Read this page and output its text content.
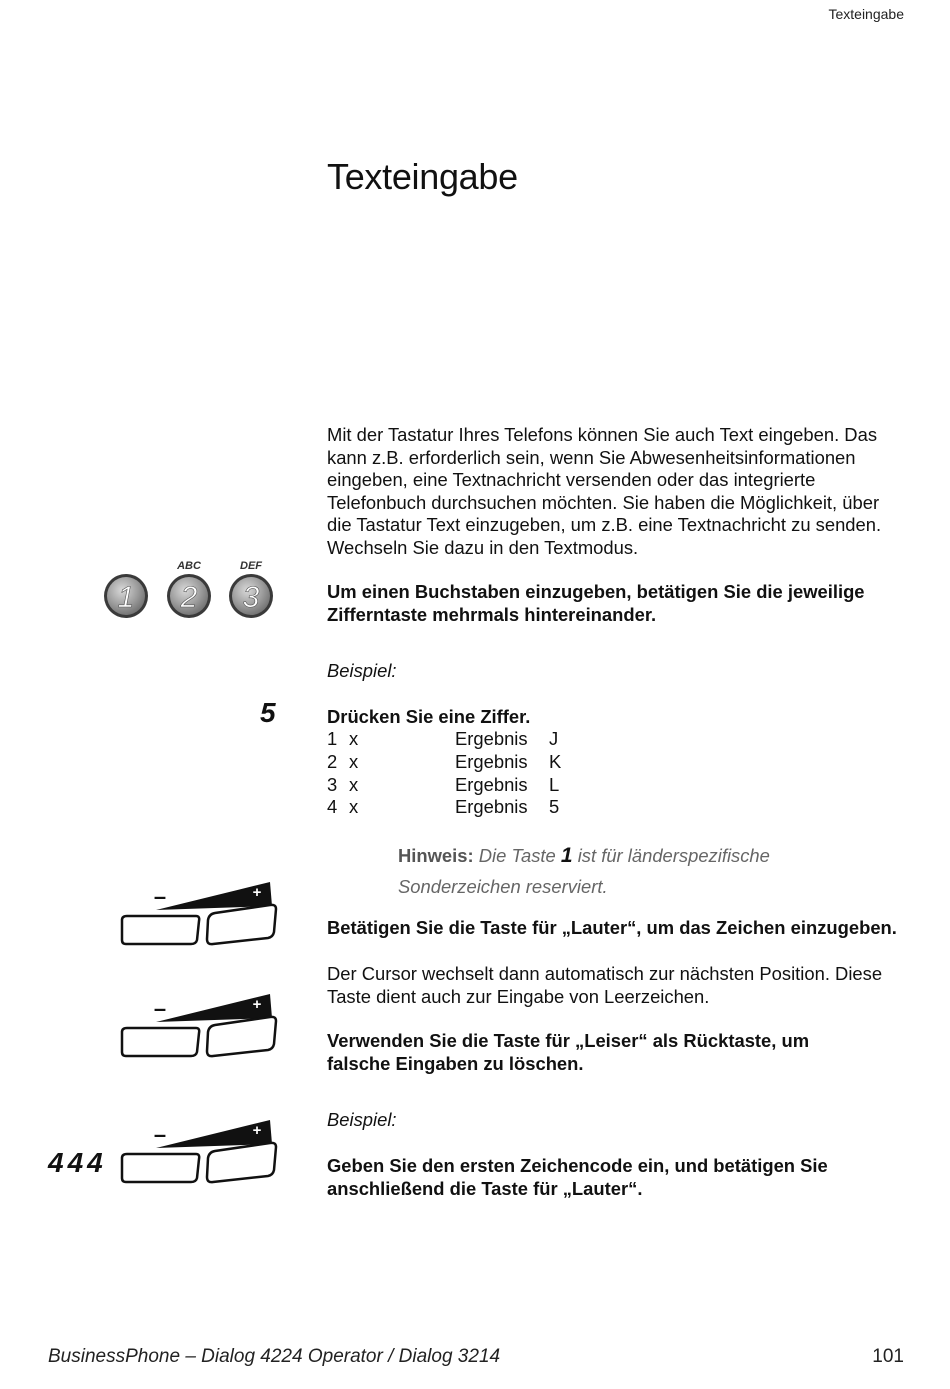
Texteingabe
Texteingabe
Mit der Tastatur Ihres Telefons können Sie auch Text eingeben. Das kann z.B. erforderlich sein, wenn Sie Abwesenheitsinformationen eingeben, eine Textnachricht versenden oder das integrierte Telefonbuch durchsuchen möchten. Sie haben die Möglichkeit, über die Tastatur Text einzugeben, um z.B. eine Textnachricht zu senden. Wechseln Sie dazu in den Textmodus.
1
ABC
2
DEF
3	Um einen Buchstaben einzugeben, betätigen Sie die jeweilige Zifferntaste mehrmals hintereinander.
Beispiel:
5	Drücken Sie eine Ziffer.
1 x	Ergebnis	J
2 x	Ergebnis	K
3 x	Ergebnis	L
4 x	Ergebnis	5
Hinweis: Die Taste 1 ist für länderspezifische Sonderzeichen reserviert.
–	+
–	+
–	+
Betätigen Sie die Taste für „Lauter“, um das Zeichen einzugeben.
Der Cursor wechselt dann automatisch zur nächsten Position. Diese Taste dient auch zur Eingabe von Leerzeichen.
Verwenden Sie die Taste für „Leiser“ als Rücktaste, um falsche Eingaben zu löschen.
Beispiel:
444	Geben Sie den ersten Zeichencode ein, und betätigen Sie anschließend die Taste für „Lauter“.
BusinessPhone – Dialog 4224 Operator / Dialog 3214	101
